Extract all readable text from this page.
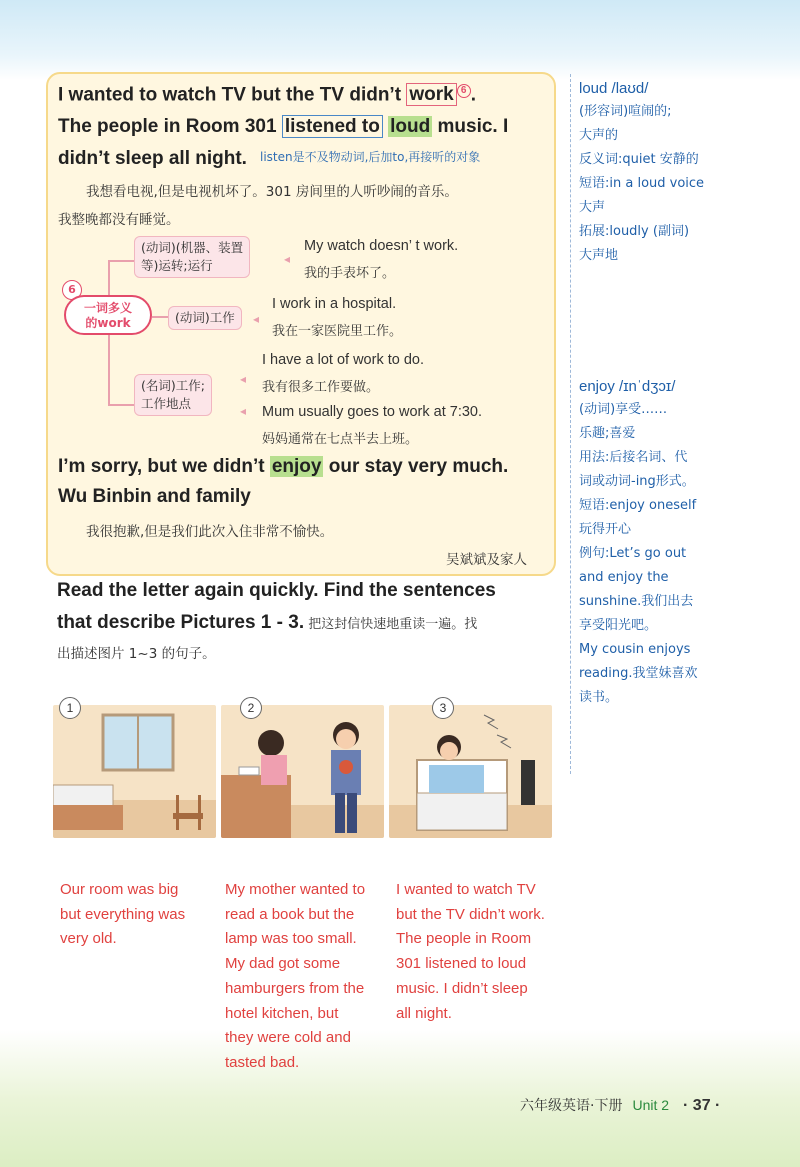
I wanted to watch TV but the TV didn’t work 6 .
The people in Room 301 listened to loud music. I
didn’t sleep all night. listen是不及物动词,后加to,再接听的对象
我想看电视,但是电视机坏了。301 房间里的人听吵闹的音乐。
我整晚都没有睡觉。
6
一词多义
的work
(动词)(机器、装置
等)运转;运行	◂
My watch doesn’ t work.
我的手表坏了。
(动词)工作	◂
I work in a hospital.
我在一家医院里工作。
(名词)工作;
工作地点
◂
◂
I have a lot of work to do.
我有很多工作要做。
Mum usually goes to work at 7:30.
妈妈通常在七点半去上班。
I’m sorry, but we didn’t enjoy our stay very much.
Wu Binbin and family
我很抱歉,但是我们此次入住非常不愉快。
吴斌斌及家人
loud /laʊd/
(形容词)喧闹的;
大声的
反义词:quiet 安静的
短语:in a loud voice
大声
拓展:loudly (副词)
大声地
enjoy /ɪnˈdʒɔɪ/
(动词)享受……
乐趣;喜爱
用法:后接名词、代
词或动词-ing形式。
短语:enjoy oneself
玩得开心
例句:Let’s go out
and enjoy the
sunshine.我们出去
享受阳光吧。
My cousin enjoys
reading.我堂妹喜欢
读书。
Read the letter again quickly. Find the sentences
that describe Pictures 1 - 3. 把这封信快速地重读一遍。找
出描述图片 1~3 的句子。
1	2	3
Our room was big
but everything was
very old.
My mother wanted to
read a book but the
lamp was too small.
My dad got some
hamburgers from the
hotel kitchen, but
they were cold and
tasted bad.
I wanted to watch TV
but the TV didn’t work.
The people in Room
301 listened to loud
music. I didn’t sleep
all night.
六年级英语·下册 Unit 2 · 37 ·
